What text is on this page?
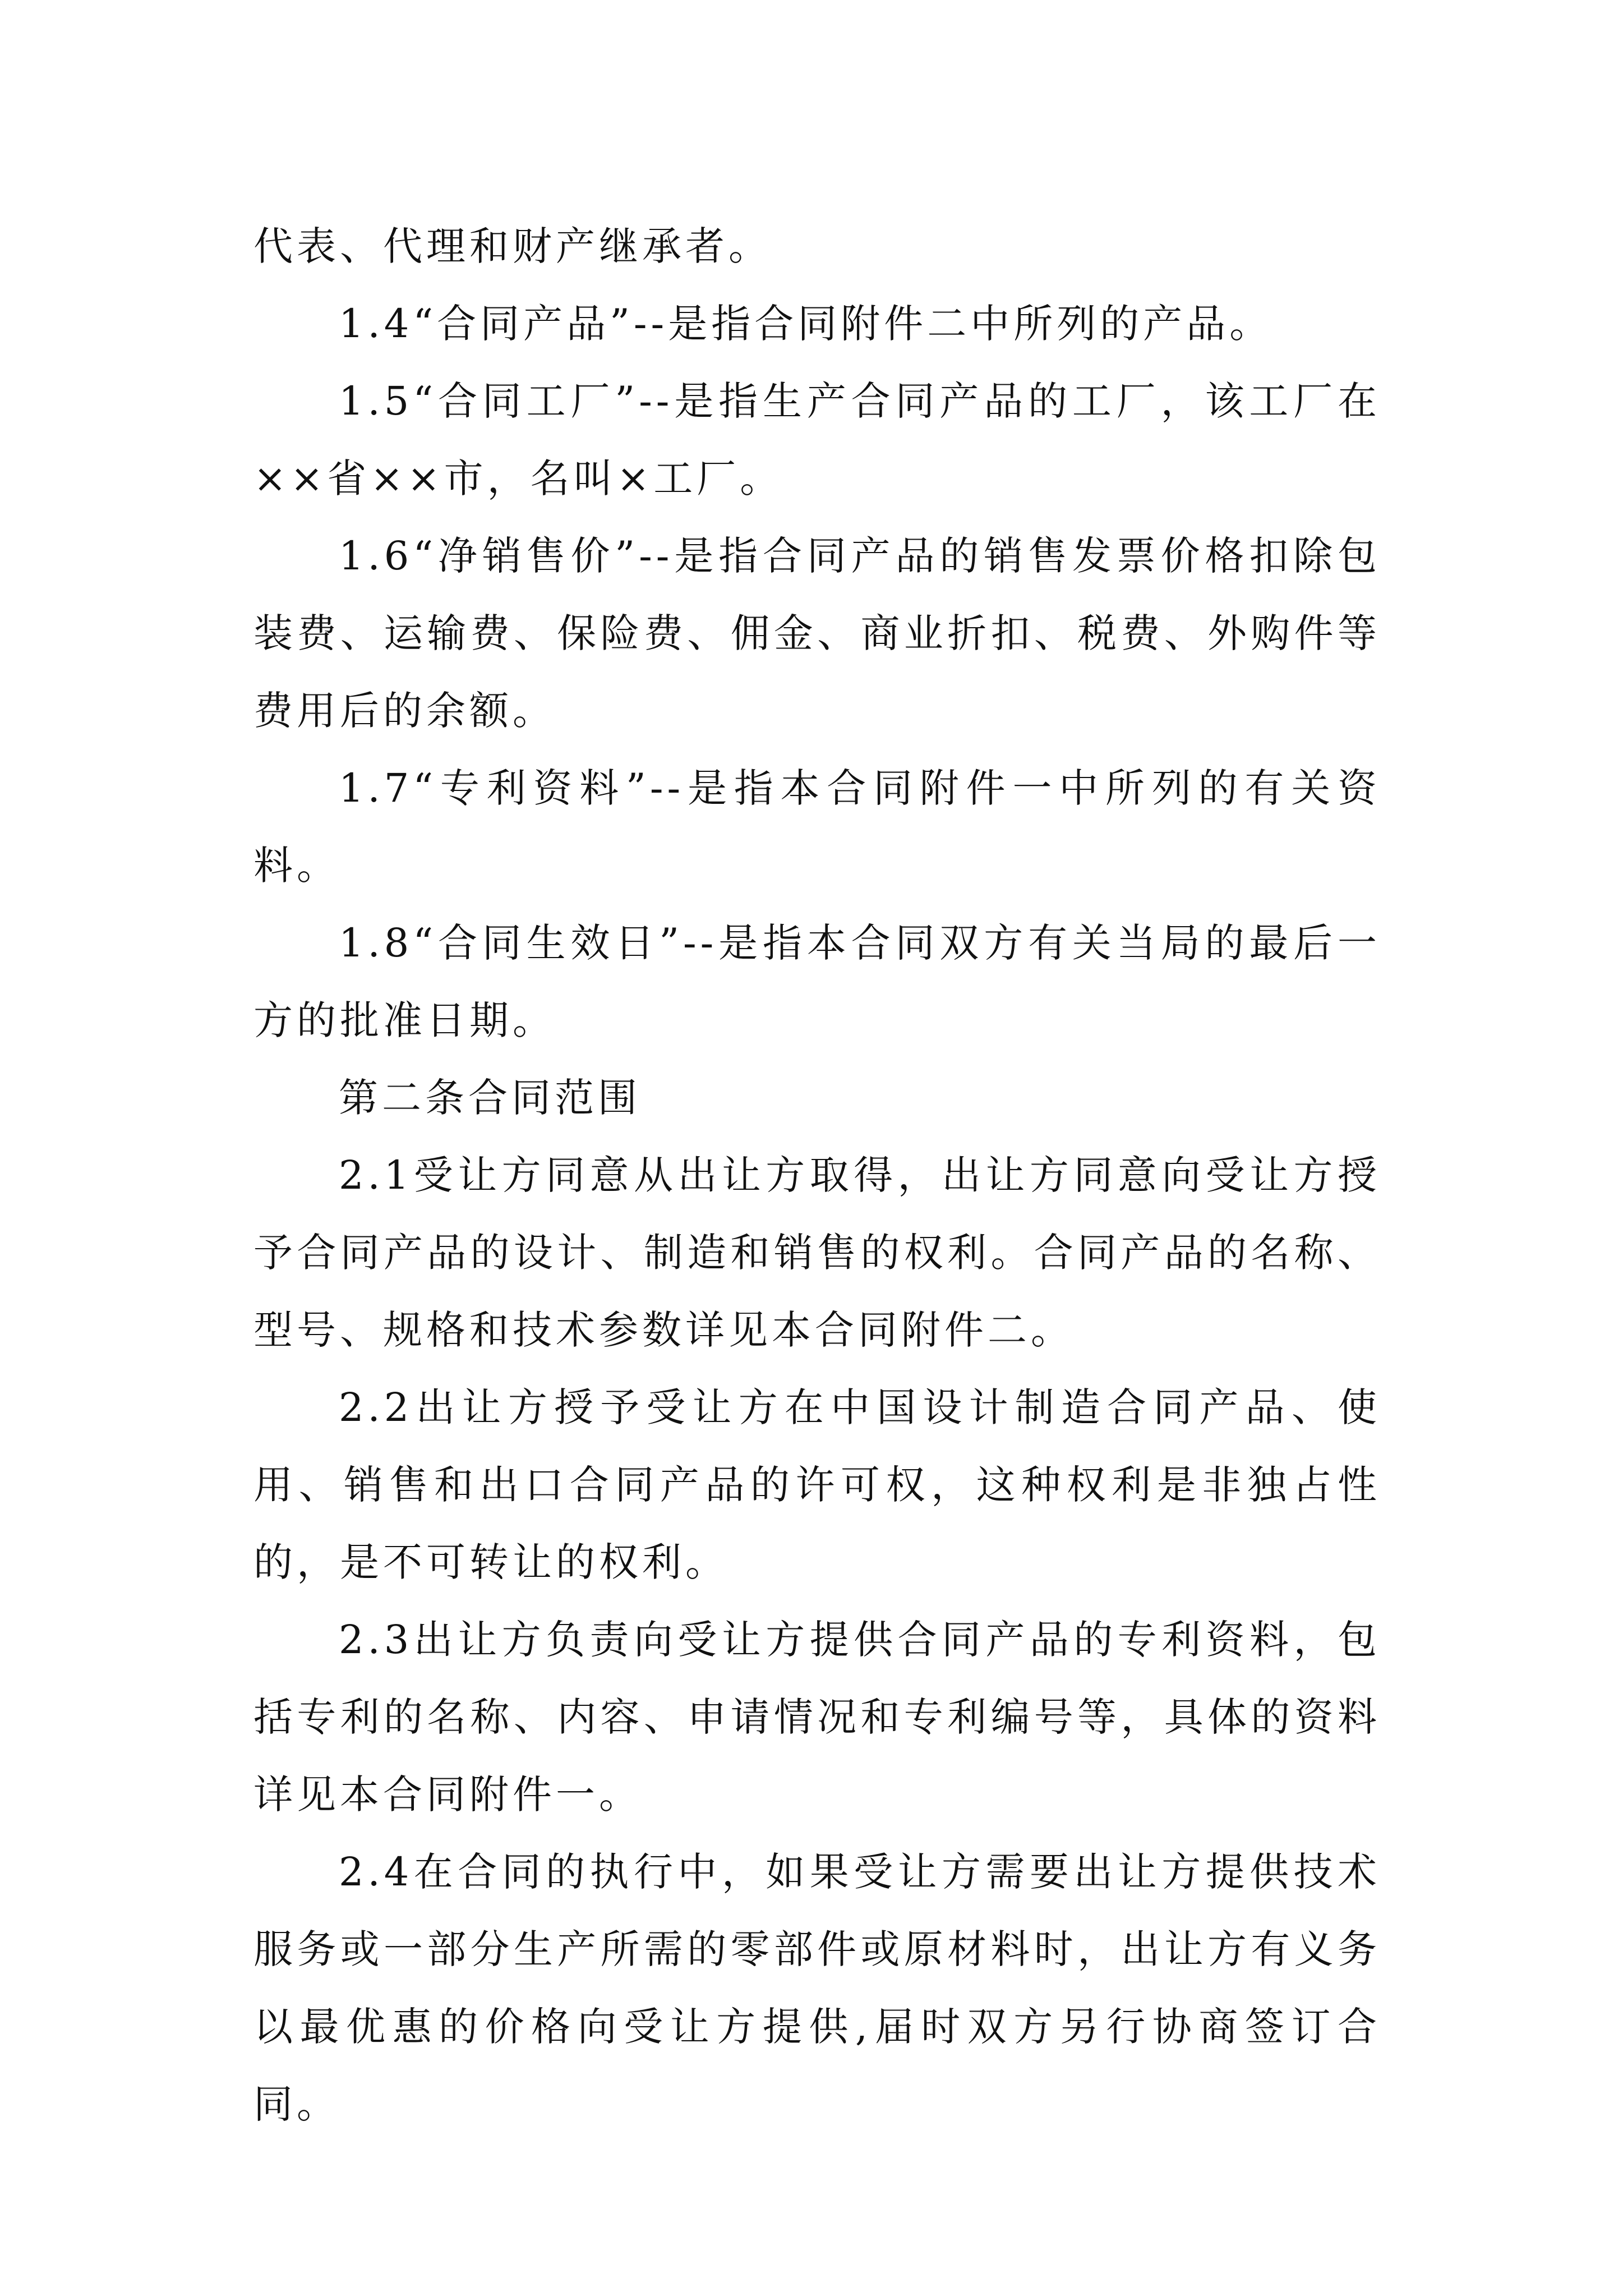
代表、代理和财产继承者。

1.4“合同产品”--是指合同附件二中所列的产品。

1.5“合同工厂”--是指生产合同产品的工厂，该工厂在××省××市，名叫×工厂。

1.6“净销售价”--是指合同产品的销售发票价格扣除包装费、运输费、保险费、佣金、商业折扣、税费、外购件等费用后的余额。

1.7“专利资料”--是指本合同附件一中所列的有关资料。

1.8“合同生效日”--是指本合同双方有关当局的最后一方的批准日期。

第二条合同范围

2.1受让方同意从出让方取得，出让方同意向受让方授予合同产品的设计、制造和销售的权利。合同产品的名称、型号、规格和技术参数详见本合同附件二。

2.2出让方授予受让方在中国设计制造合同产品、使用、销售和出口合同产品的许可权，这种权利是非独占性的，是不可转让的权利。

2.3出让方负责向受让方提供合同产品的专利资料，包括专利的名称、内容、申请情况和专利编号等，具体的资料详见本合同附件一。

2.4在合同的执行中，如果受让方需要出让方提供技术服务或一部分生产所需的零部件或原材料时，出让方有义务以最优惠的价格向受让方提供,届时双方另行协商签订合同。
